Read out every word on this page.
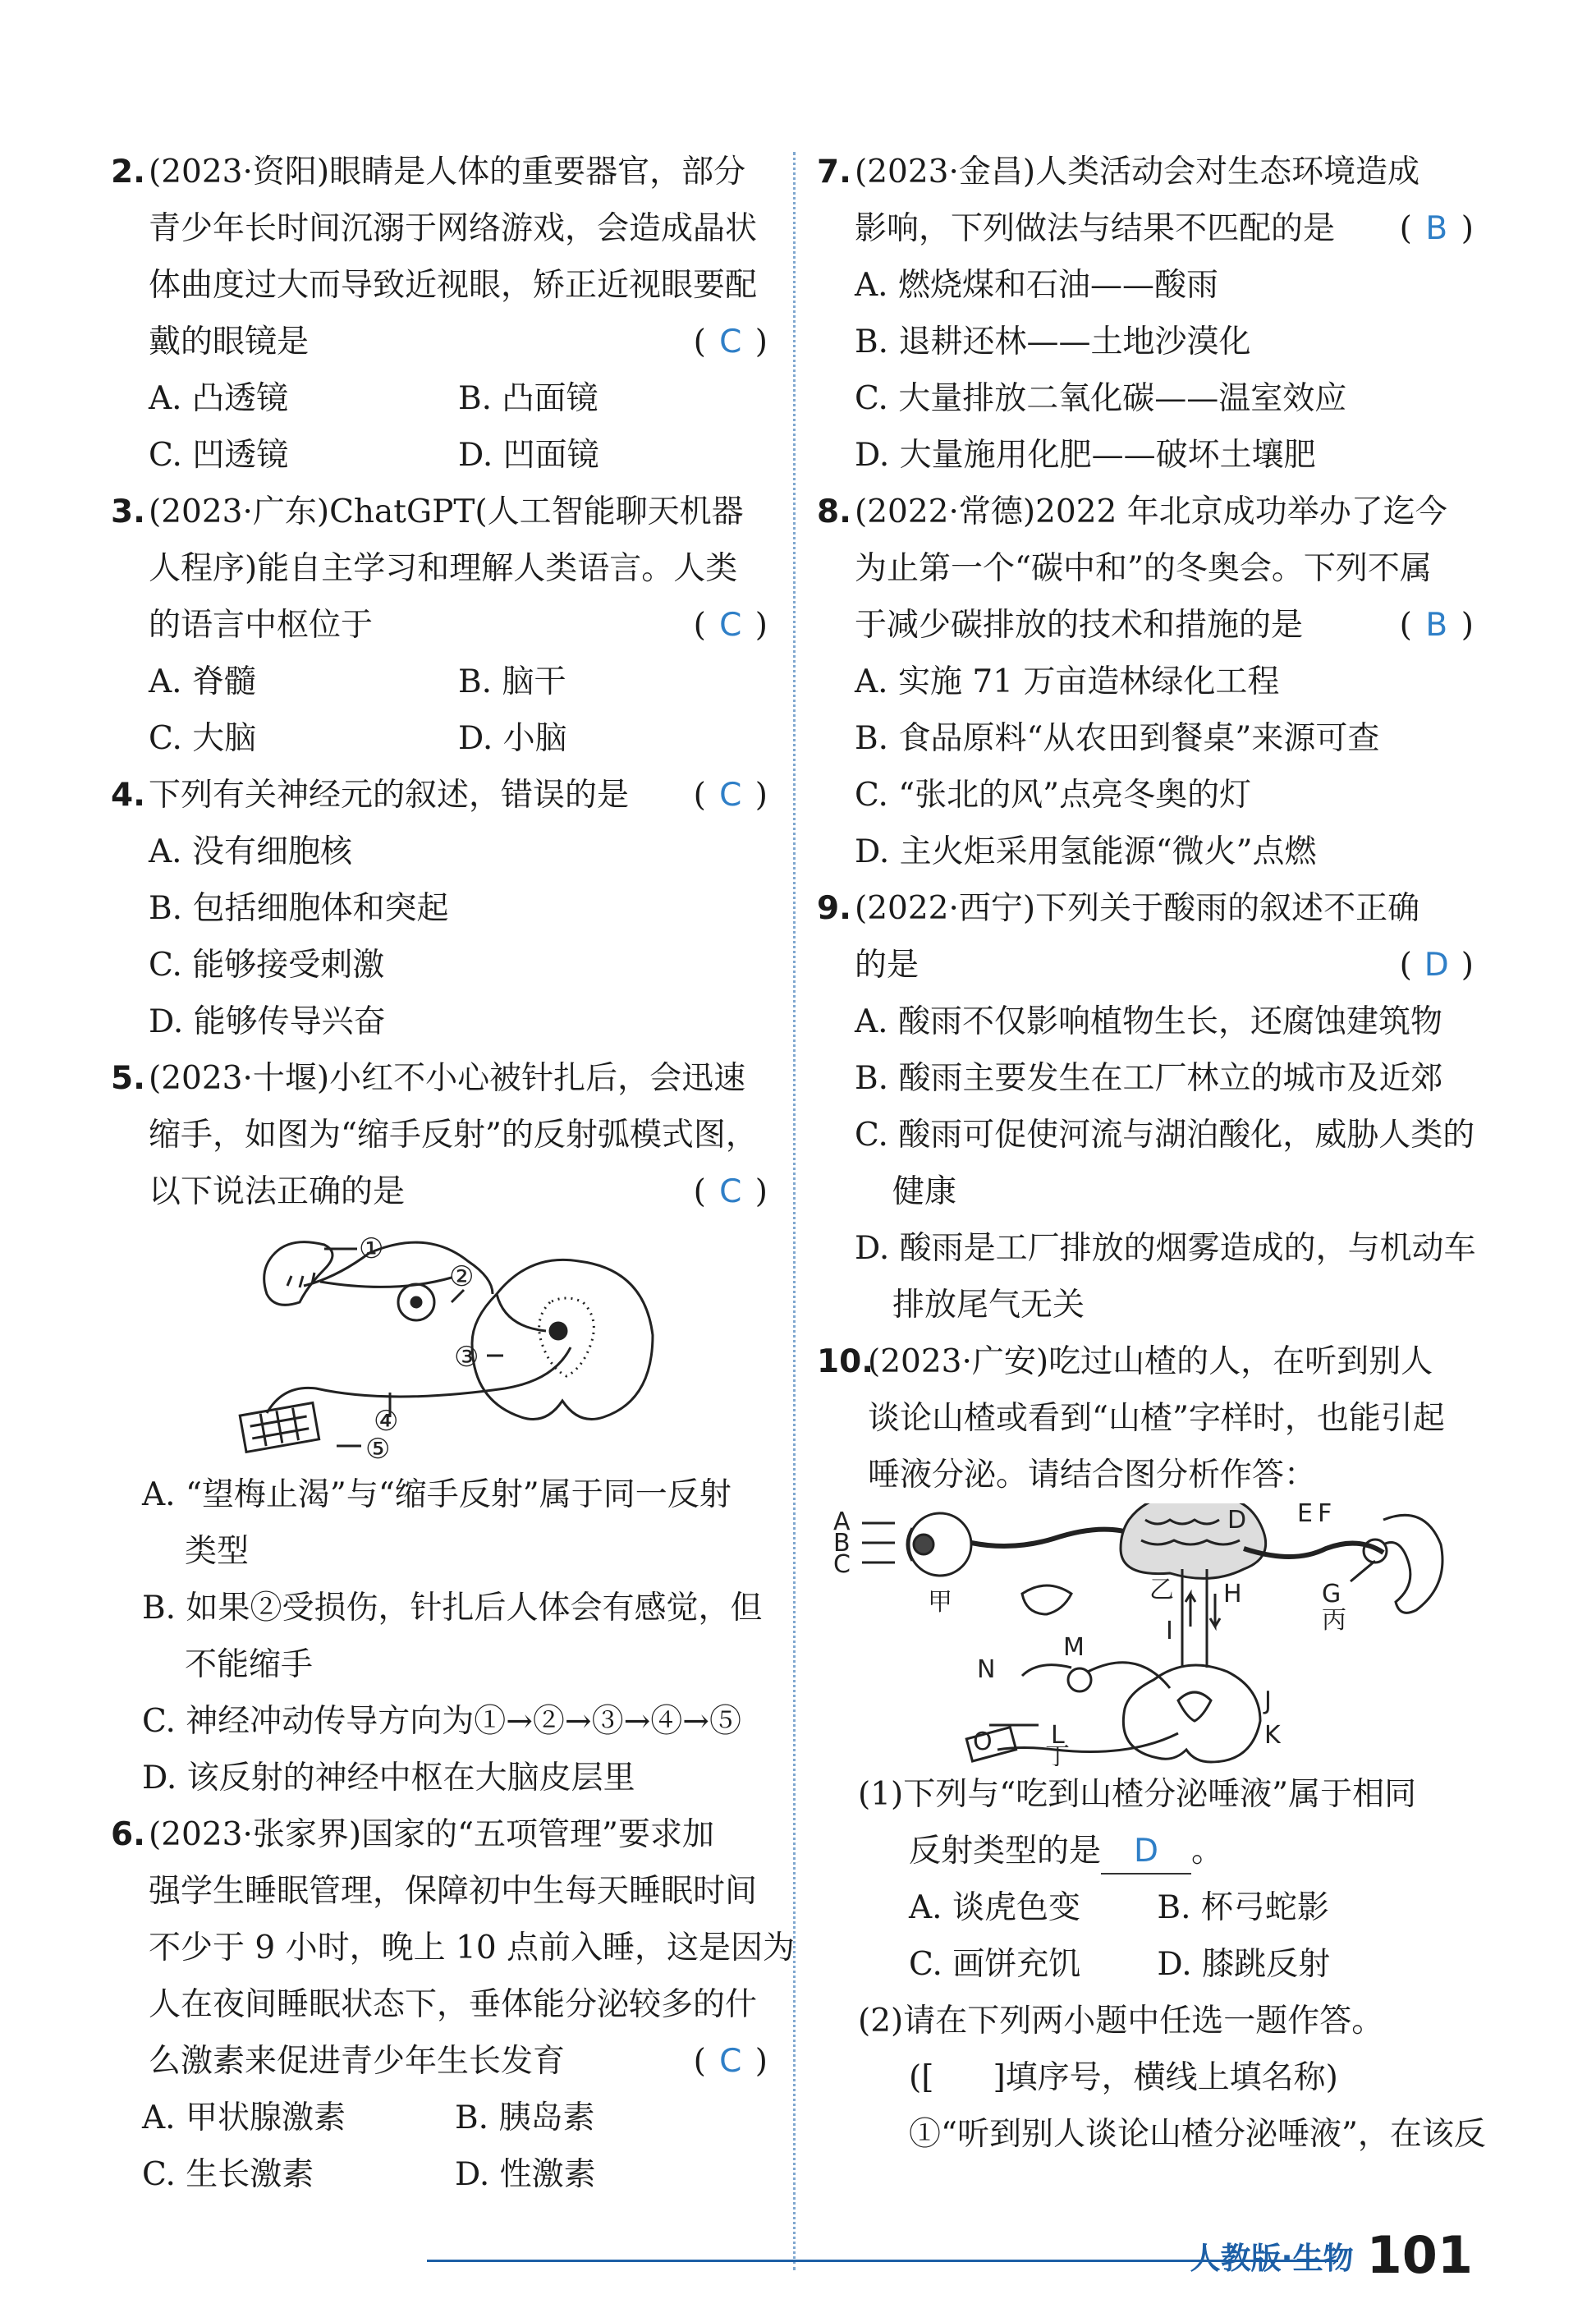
2. (2023·资阳)眼睛是人体的重要器官，部分
青少年长时间沉溺于网络游戏，会造成晶状
体曲度过大而导致近视眼，矫正近视眼要配
戴的眼镜是	( C )
A. 凸透镜	B. 凸面镜
C. 凹透镜	D. 凹面镜
3. (2023·广东)ChatGPT(人工智能聊天机器
人程序)能自主学习和理解人类语言。人类
的语言中枢位于	( C )
A. 脊髓	B. 脑干
C. 大脑	D. 小脑
4. 下列有关神经元的叙述，错误的是 ( C )
A. 没有细胞核
B. 包括细胞体和突起
C. 能够接受刺激
D. 能够传导兴奋
5. (2023·十堰)小红不小心被针扎后，会迅速
缩手，如图为“缩手反射”的反射弧模式图，
以下说法正确的是	( C )
①
②
③
④
⑤
A. “望梅止渴”与“缩手反射”属于同一反射
类型
B. 如果②受损伤，针扎后人体会有感觉，但
不能缩手
C. 神经冲动传导方向为①→②→③→④→⑤
D. 该反射的神经中枢在大脑皮层里
6. (2023·张家界)国家的“五项管理”要求加
强学生睡眠管理，保障初中生每天睡眠时间
不少于 9 小时，晚上 10 点前入睡，这是因为
人在夜间睡眠状态下，垂体能分泌较多的什
么激素来促进青少年生长发育	( C )
A. 甲状腺激素	B. 胰岛素
C. 生长激素	D. 性激素
7. (2023·金昌)人类活动会对生态环境造成
影响，下列做法与结果不匹配的是 ( B )
A. 燃烧煤和石油——酸雨
B. 退耕还林——土地沙漠化
C. 大量排放二氧化碳——温室效应
D. 大量施用化肥——破坏土壤肥
8. (2022·常德)2022 年北京成功举办了迄今
为止第一个“碳中和”的冬奥会。下列不属
于减少碳排放的技术和措施的是	( B )
A. 实施 71 万亩造林绿化工程
B. 食品原料“从农田到餐桌”来源可查
C. “张北的风”点亮冬奥的灯
D. 主火炬采用氢能源“微火”点燃
9. (2022·西宁)下列关于酸雨的叙述不正确
的是	( D )
A. 酸雨不仅影响植物生长，还腐蚀建筑物
B. 酸雨主要发生在工厂林立的城市及近郊
C. 酸雨可促使河流与湖泊酸化，威胁人类的
健康
D. 酸雨是工厂排放的烟雾造成的，与机动车
排放尾气无关
10.
(2023·广安)吃过山楂的人，在听到别人
谈论山楂或看到“山楂”字样时，也能引起
唾液分泌。请结合图分析作答：
A
B
C
D E F
G
丙
甲	乙
I
H
M
N
J
O L	K
丁
(1)下列与“吃到山楂分泌唾液”属于相同
反射类型的是 D 。
A. 谈虎色变	B. 杯弓蛇影
C. 画饼充饥	D. 膝跳反射
(2)请在下列两小题中任选一题作答。
([ ]填序号，横线上填名称)
①“听到别人谈论山楂分泌唾液”，在该反
人教版·生物 101
